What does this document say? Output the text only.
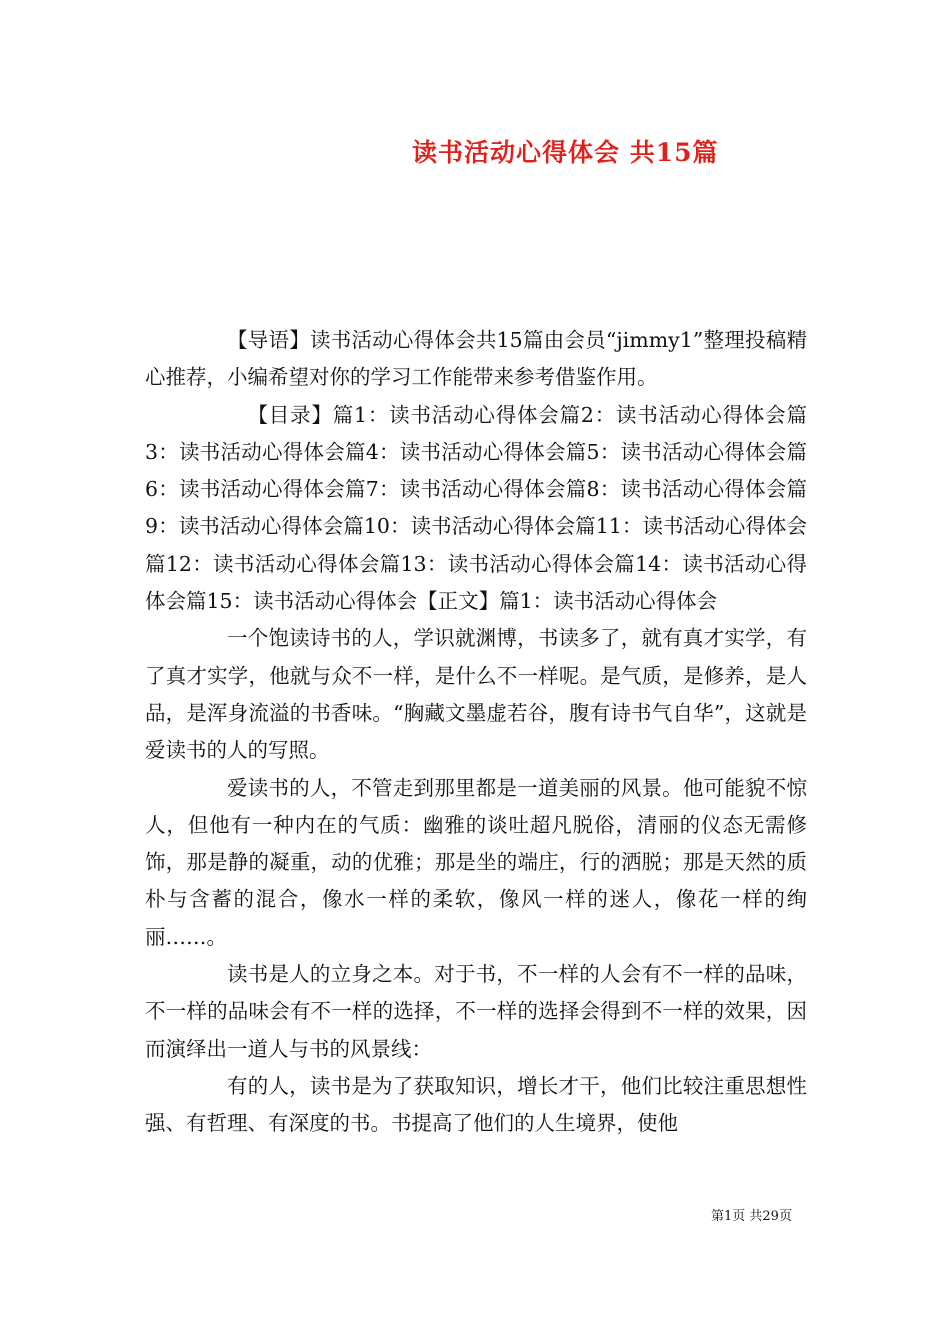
读书活动心得体会 共15篇

【导语】读书活动心得体会共15篇由会员“jimmy1”整理投稿精心推荐，小编希望对你的学习工作能带来参考借鉴作用。

【目录】篇1：读书活动心得体会篇2：读书活动心得体会篇3：读书活动心得体会篇4：读书活动心得体会篇5：读书活动心得体会篇6：读书活动心得体会篇7：读书活动心得体会篇8：读书活动心得体会篇9：读书活动心得体会篇10：读书活动心得体会篇11：读书活动心得体会篇12：读书活动心得体会篇13：读书活动心得体会篇14：读书活动心得体会篇15：读书活动心得体会【正文】篇1：读书活动心得体会

一个饱读诗书的人，学识就渊博，书读多了，就有真才实学，有了真才实学，他就与众不一样，是什么不一样呢。是气质，是修养，是人品，是浑身流溢的书香味。“胸藏文墨虚若谷，腹有诗书气自华”，这就是爱读书的人的写照。

爱读书的人，不管走到那里都是一道美丽的风景。他可能貌不惊人，但他有一种内在的气质：幽雅的谈吐超凡脱俗，清丽的仪态无需修饰，那是静的凝重，动的优雅；那是坐的端庄，行的洒脱；那是天然的质朴与含蓄的混合，像水一样的柔软，像风一样的迷人，像花一样的绚丽……。

读书是人的立身之本。对于书，不一样的人会有不一样的品味，不一样的品味会有不一样的选择，不一样的选择会得到不一样的效果，因而演绎出一道人与书的风景线：

有的人，读书是为了获取知识，增长才干，他们比较注重思想性强、有哲理、有深度的书。书提高了他们的人生境界，使他

第1页 共29页
